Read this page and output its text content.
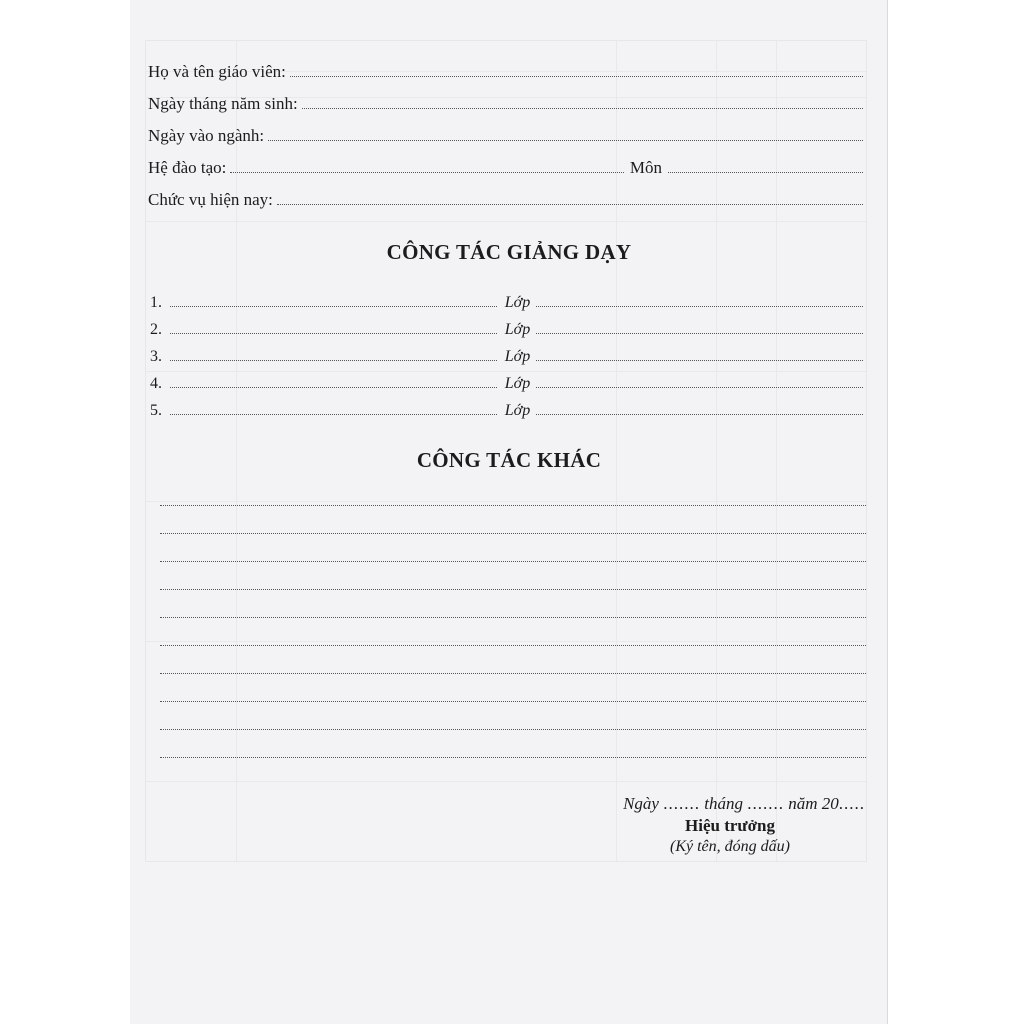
Họ và tên giáo viên:
Ngày tháng năm sinh:
Ngày vào ngành:
Hệ đào tạo:	Môn
Chức vụ hiện nay:
CÔNG TÁC GIẢNG DẠY
1.	Lớp
2.	Lớp
3.	Lớp
4.	Lớp
5.	Lớp
CÔNG TÁC KHÁC
Ngày ....... tháng ....... năm 20.....
Hiệu trưởng
(Ký tên, đóng dấu)
